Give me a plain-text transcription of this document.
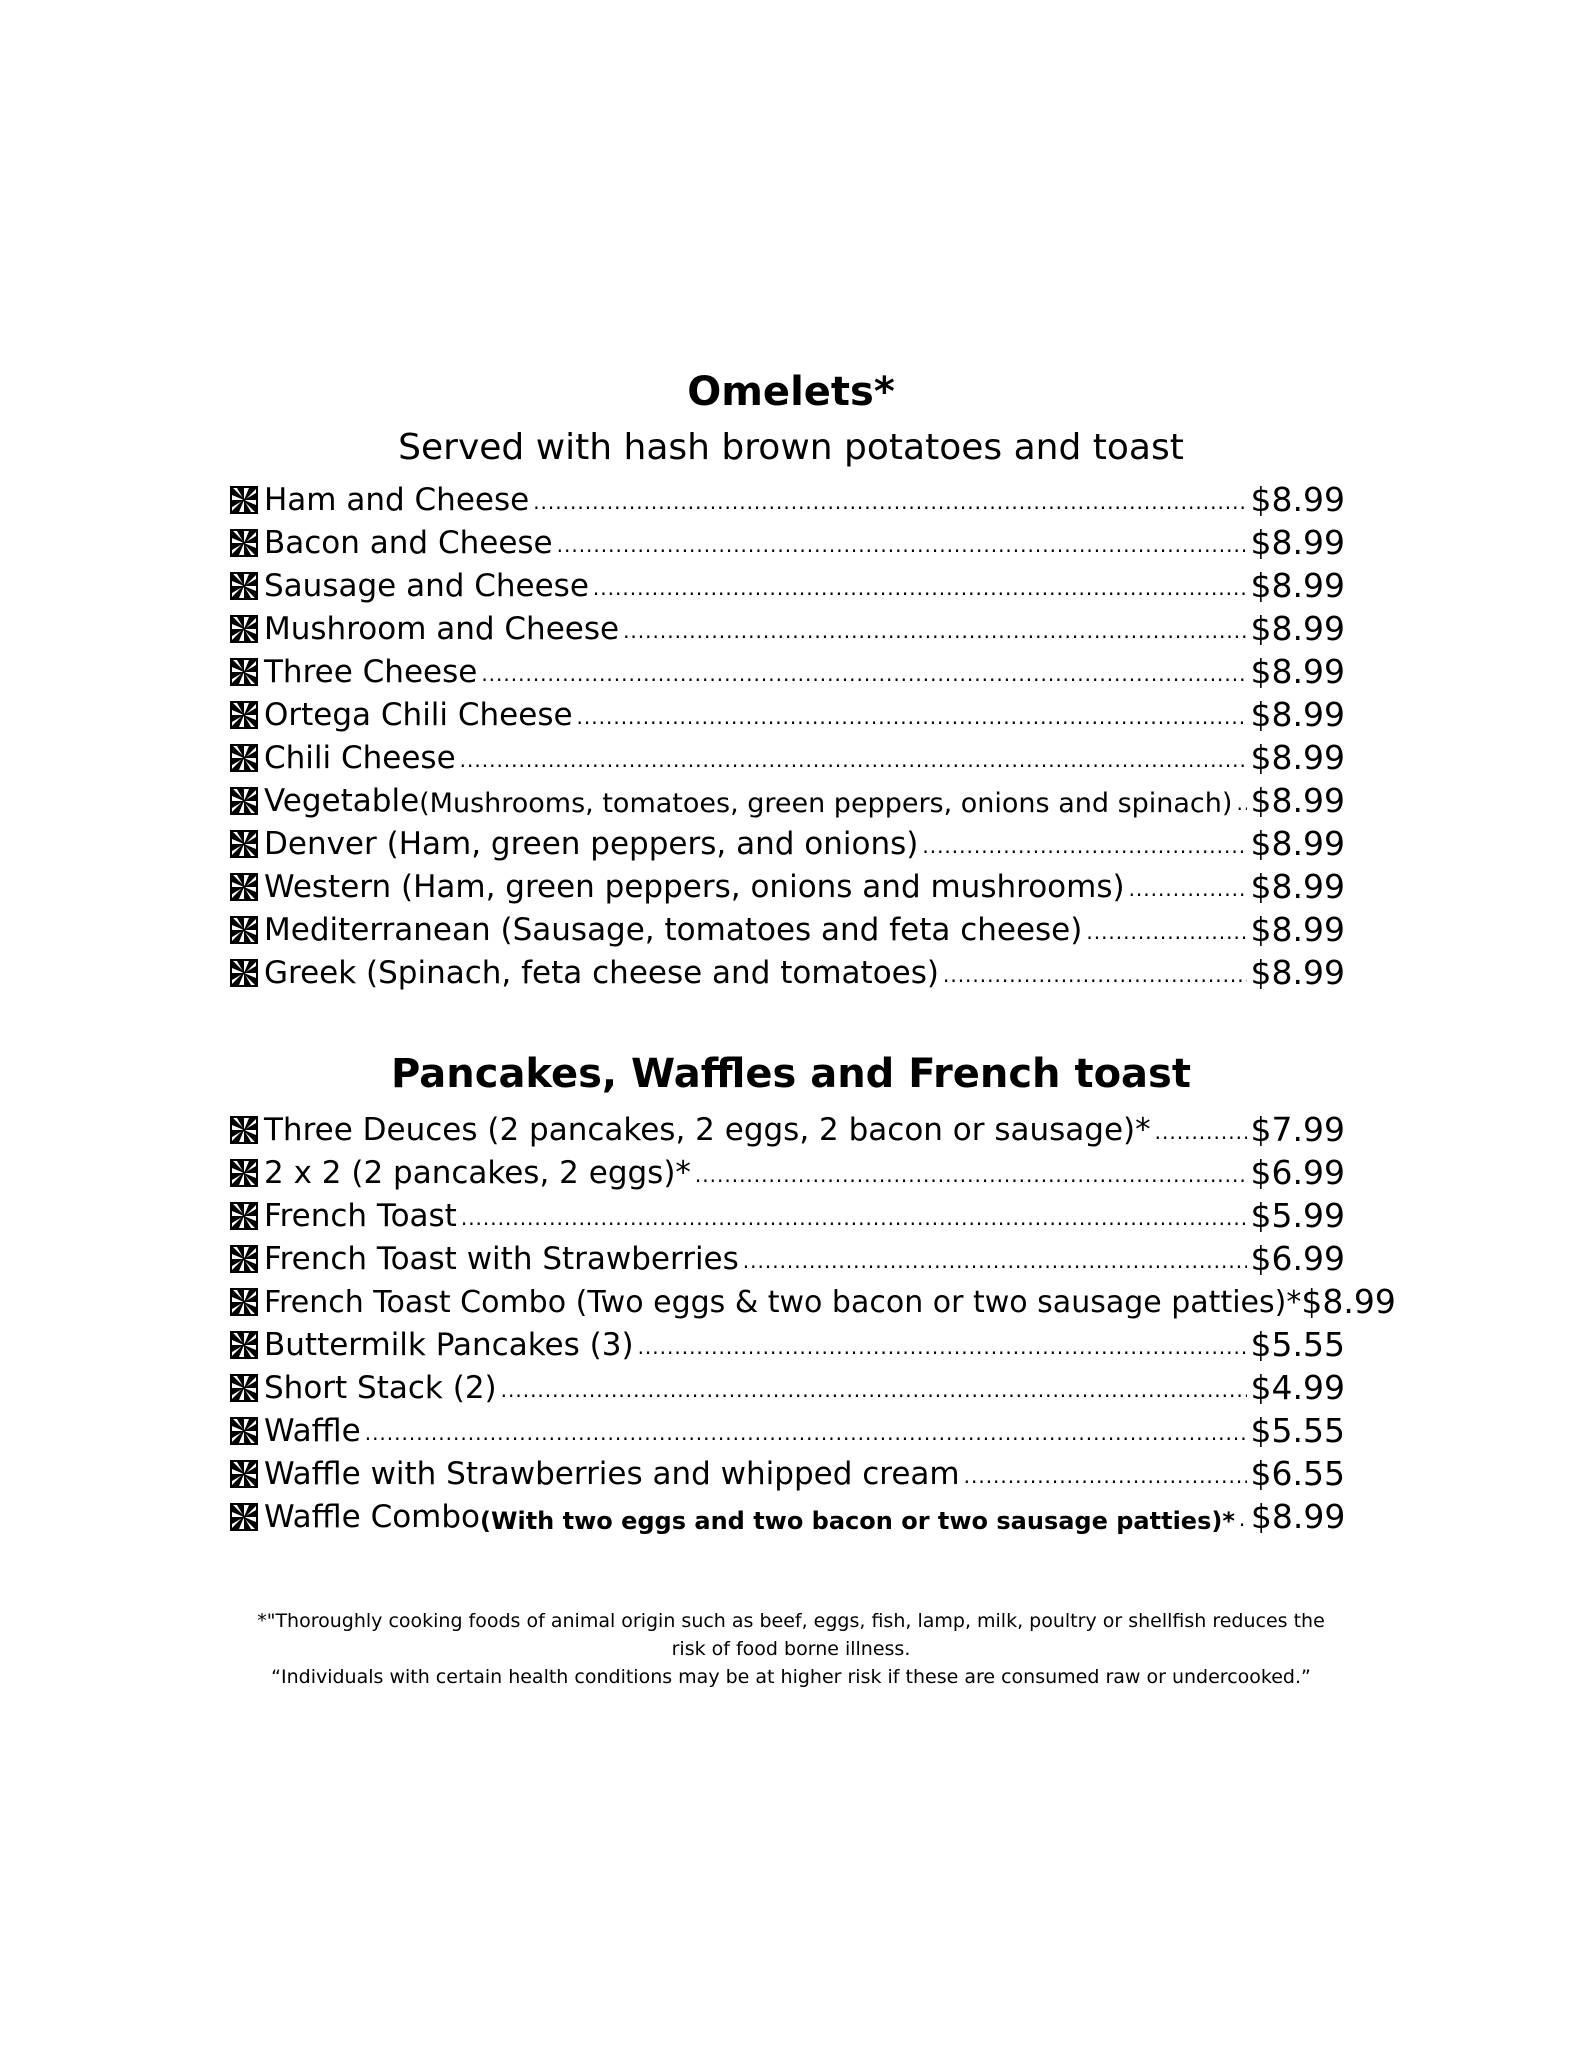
Omelets*

Served with hash brown potatoes and toast

Ham and Cheese .....	$8.99
Bacon and Cheese .....	$8.99
Sausage and Cheese .....	$8.99
Mushroom and Cheese .....	$8.99
Three Cheese .....	$8.99
Ortega Chili Cheese .....	$8.99
Chili Cheese .....	$8.99
Vegetable (Mushrooms, tomatoes, green peppers, onions and spinach) ..... $8.99
Denver (Ham, green peppers, and onions) .....	$8.99
Western (Ham, green peppers, onions and mushrooms) .....	$8.99
Mediterranean (Sausage, tomatoes and feta cheese) .....	$8.99
Greek (Spinach, feta cheese and tomatoes) .....	$8.99
Pancakes, Waffles and French toast
Three Deuces (2 pancakes, 2 eggs, 2 bacon or sausage)* .....	$7.99
2 x 2 (2 pancakes, 2 eggs)* .....	$6.99
French Toast .....	$5.99
French Toast with Strawberries .....	$6.99
French Toast Combo (Two eggs & two bacon or two sausage patties)* $8.99
Buttermilk Pancakes (3) .....	$5.55
Short Stack (2) .....	$4.99
Waffle .....	$5.55
Waffle with Strawberries and whipped cream .....	$6.55
Waffle Combo (With two eggs and two bacon or two sausage patties)* ..... $8.99

*"Thoroughly cooking foods of animal origin such as beef, eggs, fish, lamp, milk, poultry or shellfish reduces the

risk of food borne illness.

“Individuals with certain health conditions may be at higher risk if these are consumed raw or undercooked.”
